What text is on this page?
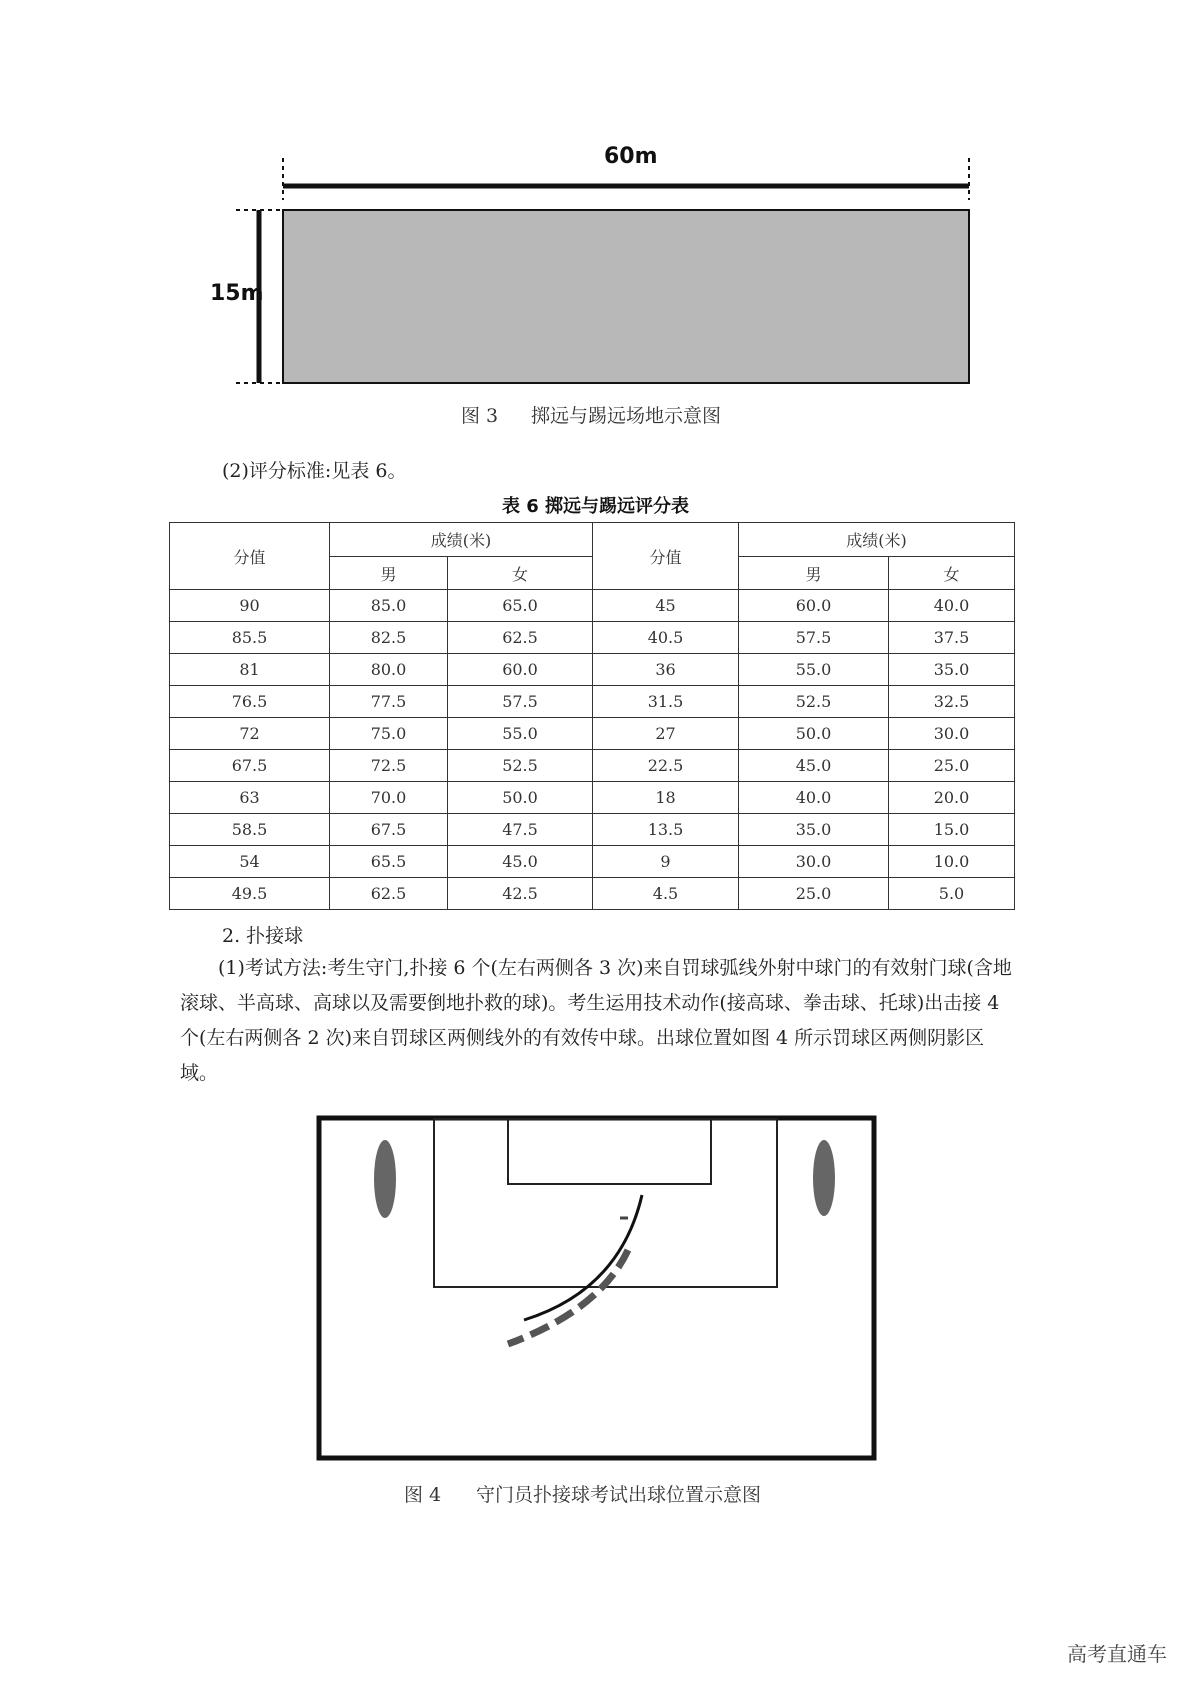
60m
15m
图 3 掷远与踢远场地示意图
(2)评分标准:见表 6。
表 6 掷远与踢远评分表
分值	成绩(米)		分值	成绩(米)	
	男	女		男	女
90	85.0	65.0	45	60.0	40.0
85.5	82.5	62.5	40.5	57.5	37.5
81	80.0	60.0	36	55.0	35.0
76.5	77.5	57.5	31.5	52.5	32.5
72	75.0	55.0	27	50.0	30.0
67.5	72.5	52.5	22.5	45.0	25.0
63	70.0	50.0	18	40.0	20.0
58.5	67.5	47.5	13.5	35.0	15.0
54	65.5	45.0	9	30.0	10.0
49.5	62.5	42.5	4.5	25.0	5.0
2. 扑接球
(1)考试方法:考生守门,扑接 6 个(左右两侧各 3 次)来自罚球弧线外射中球门的有效射门球(含地滚球、半高球、高球以及需要倒地扑救的球)。考生运用技术动作(接高球、拳击球、托球)出击接 4 个(左右两侧各 2 次)来自罚球区两侧线外的有效传中球。出球位置如图 4 所示罚球区两侧阴影区域。
图 4 守门员扑接球考试出球位置示意图
高考直通车
